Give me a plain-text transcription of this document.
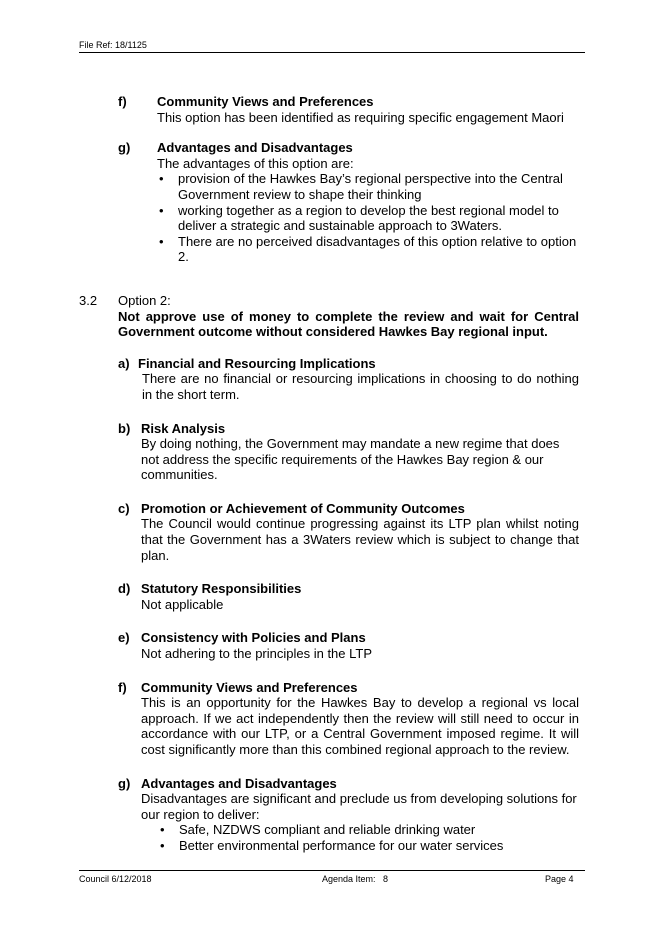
File Ref: 18/1125
f) Community Views and Preferences
This option has been identified as requiring specific engagement Maori
g) Advantages and Disadvantages
The advantages of this option are:
• provision of the Hawkes Bay’s regional perspective into the Central Government review to shape their thinking
• working together as a region to develop the best regional model to deliver a strategic and sustainable approach to 3Waters.
• There are no perceived disadvantages of this option relative to option 2.
3.2 Option 2:
Not approve use of money to complete the review and wait for Central Government outcome without considered Hawkes Bay regional input.
a) Financial and Resourcing Implications
There are no financial or resourcing implications in choosing to do nothing in the short term.
b) Risk Analysis
By doing nothing, the Government may mandate a new regime that does not address the specific requirements of the Hawkes Bay region & our communities.
c) Promotion or Achievement of Community Outcomes
The Council would continue progressing against its LTP plan whilst noting that the Government has a 3Waters review which is subject to change that plan.
d) Statutory Responsibilities
Not applicable
e) Consistency with Policies and Plans
Not adhering to the principles in the LTP
f) Community Views and Preferences
This is an opportunity for the Hawkes Bay to develop a regional vs local approach. If we act independently then the review will still need to occur in accordance with our LTP, or a Central Government imposed regime. It will cost significantly more than this combined regional approach to the review.
g) Advantages and Disadvantages
Disadvantages are significant and preclude us from developing solutions for our region to deliver:
• Safe, NZDWS compliant and reliable drinking water
• Better environmental performance for our water services
Council 6/12/2018	Agenda Item:   8	Page 4
